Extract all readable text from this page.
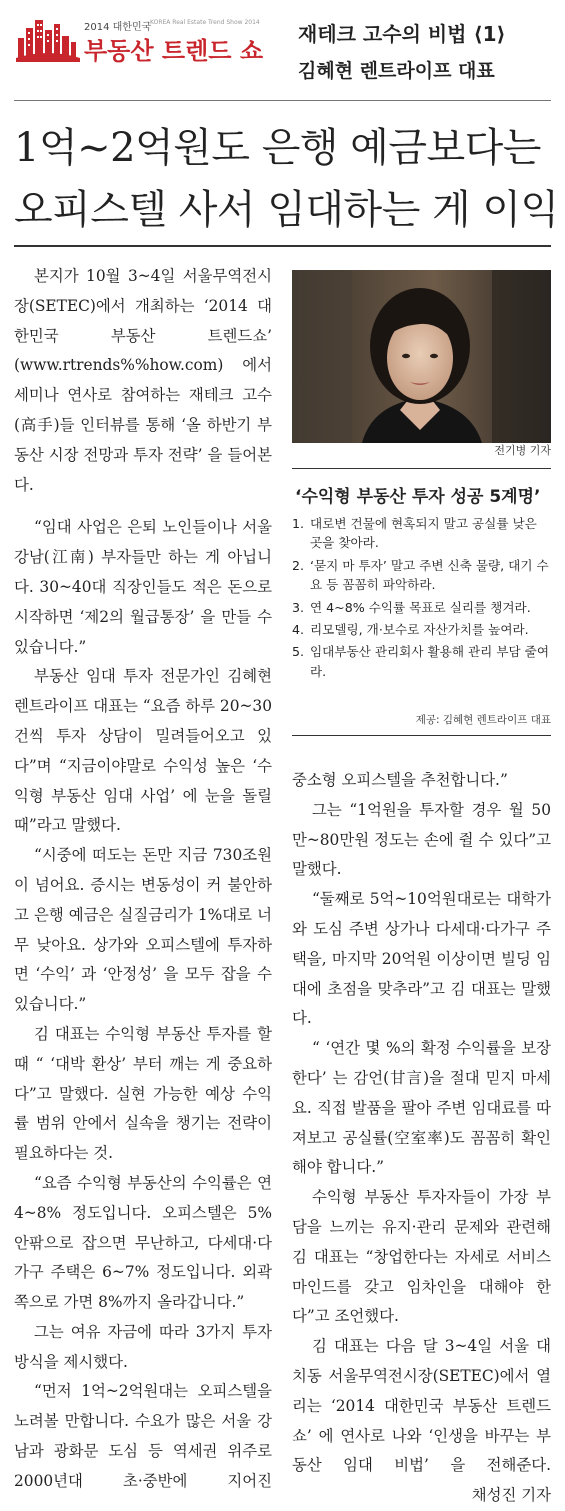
2014 대한민국
KOREA Real Estate Trend Show 2014
부동산 트렌드 쇼
재테크 고수의 비법 ⟨1⟩
김혜현 렌트라이프 대표
1억~2억원도 은행 예금보다는
오피스텔 사서 임대하는 게 이익

본지가 10월 3~4일 서울무역전시장(SETEC)에서 개최하는 ‘2014 대한민국 부동산 트렌드쇼’ (www.rtrends%%how.com) 에서 세미나 연사로 참여하는 재테크 고수(高手)들 인터뷰를 통해 ‘올 하반기 부동산 시장 전망과 투자 전략’ 을 들어본다.

“임대 사업은 은퇴 노인들이나 서울 강남(江南) 부자들만 하는 게 아닙니다. 30~40대 직장인들도 적은 돈으로 시작하면 ‘제2의 월급통장’ 을 만들 수 있습니다.”

부동산 임대 투자 전문가인 김혜현 렌트라이프 대표는 “요즘 하루 20~30건씩 투자 상담이 밀려들어오고 있다”며 “지금이야말로 수익성 높은 ‘수익형 부동산 임대 사업’ 에 눈을 돌릴 때”라고 말했다.

“시중에 떠도는 돈만 지금 730조원이 넘어요. 증시는 변동성이 커 불안하고 은행 예금은 실질금리가 1%대로 너무 낮아요. 상가와 오피스텔에 투자하면 ‘수익’ 과 ‘안정성’ 을 모두 잡을 수 있습니다.”

김 대표는 수익형 부동산 투자를 할 때 “ ‘대박 환상’ 부터 깨는 게 중요하다”고 말했다. 실현 가능한 예상 수익률 범위 안에서 실속을 챙기는 전략이 필요하다는 것.

“요즘 수익형 부동산의 수익률은 연 4~8% 정도입니다. 오피스텔은 5% 안팎으로 잡으면 무난하고, 다세대·다가구 주택은 6~7% 정도입니다. 외곽 쪽으로 가면 8%까지 올라갑니다.”

그는 여유 자금에 따라 3가지 투자 방식을 제시했다.

“먼저 1억~2억원대는 오피스텔을 노려볼 만합니다. 수요가 많은 서울 강남과 광화문 도심 등 역세권 위주로 2000년대 초·중반에 지어진

전기병 기자
‘수익형 부동산 투자 성공 5계명’
1. 대로변 건물에 현혹되지 말고 공실률 낮은 곳을 찾아라.
2. ‘묻지 마 투자’ 말고 주변 신축 물량, 대기 수요 등 꼼꼼히 파악하라.
3. 연 4~8% 수익률 목표로 실리를 챙겨라.
4. 리모델링, 개·보수로 자산가치를 높여라.
5. 임대부동산 관리회사 활용해 관리 부담 줄여라.
제공: 김혜현 렌트라이프 대표

중소형 오피스텔을 추천합니다.”

그는 “1억원을 투자할 경우 월 50만~80만원 정도는 손에 쥘 수 있다”고 말했다.

“둘째로 5억~10억원대로는 대학가와 도심 주변 상가나 다세대·다가구 주택을, 마지막 20억원 이상이면 빌딩 임대에 초점을 맞추라”고 김 대표는 말했다.

“ ‘연간 몇 %의 확정 수익률을 보장한다’ 는 감언(甘言)을 절대 믿지 마세요. 직접 발품을 팔아 주변 임대료를 따져보고 공실률(空室率)도 꼼꼼히 확인해야 합니다.”

수익형 부동산 투자자들이 가장 부담을 느끼는 유지·관리 문제와 관련해 김 대표는 “창업한다는 자세로 서비스 마인드를 갖고 임차인을 대해야 한다”고 조언했다.

김 대표는 다음 달 3~4일 서울 대치동 서울무역전시장(SETEC)에서 열리는 ‘2014 대한민국 부동산 트렌드쇼’ 에 연사로 나와 ‘인생을 바꾸는 부동산 임대 비법’ 을 전해준다.
채성진 기자
